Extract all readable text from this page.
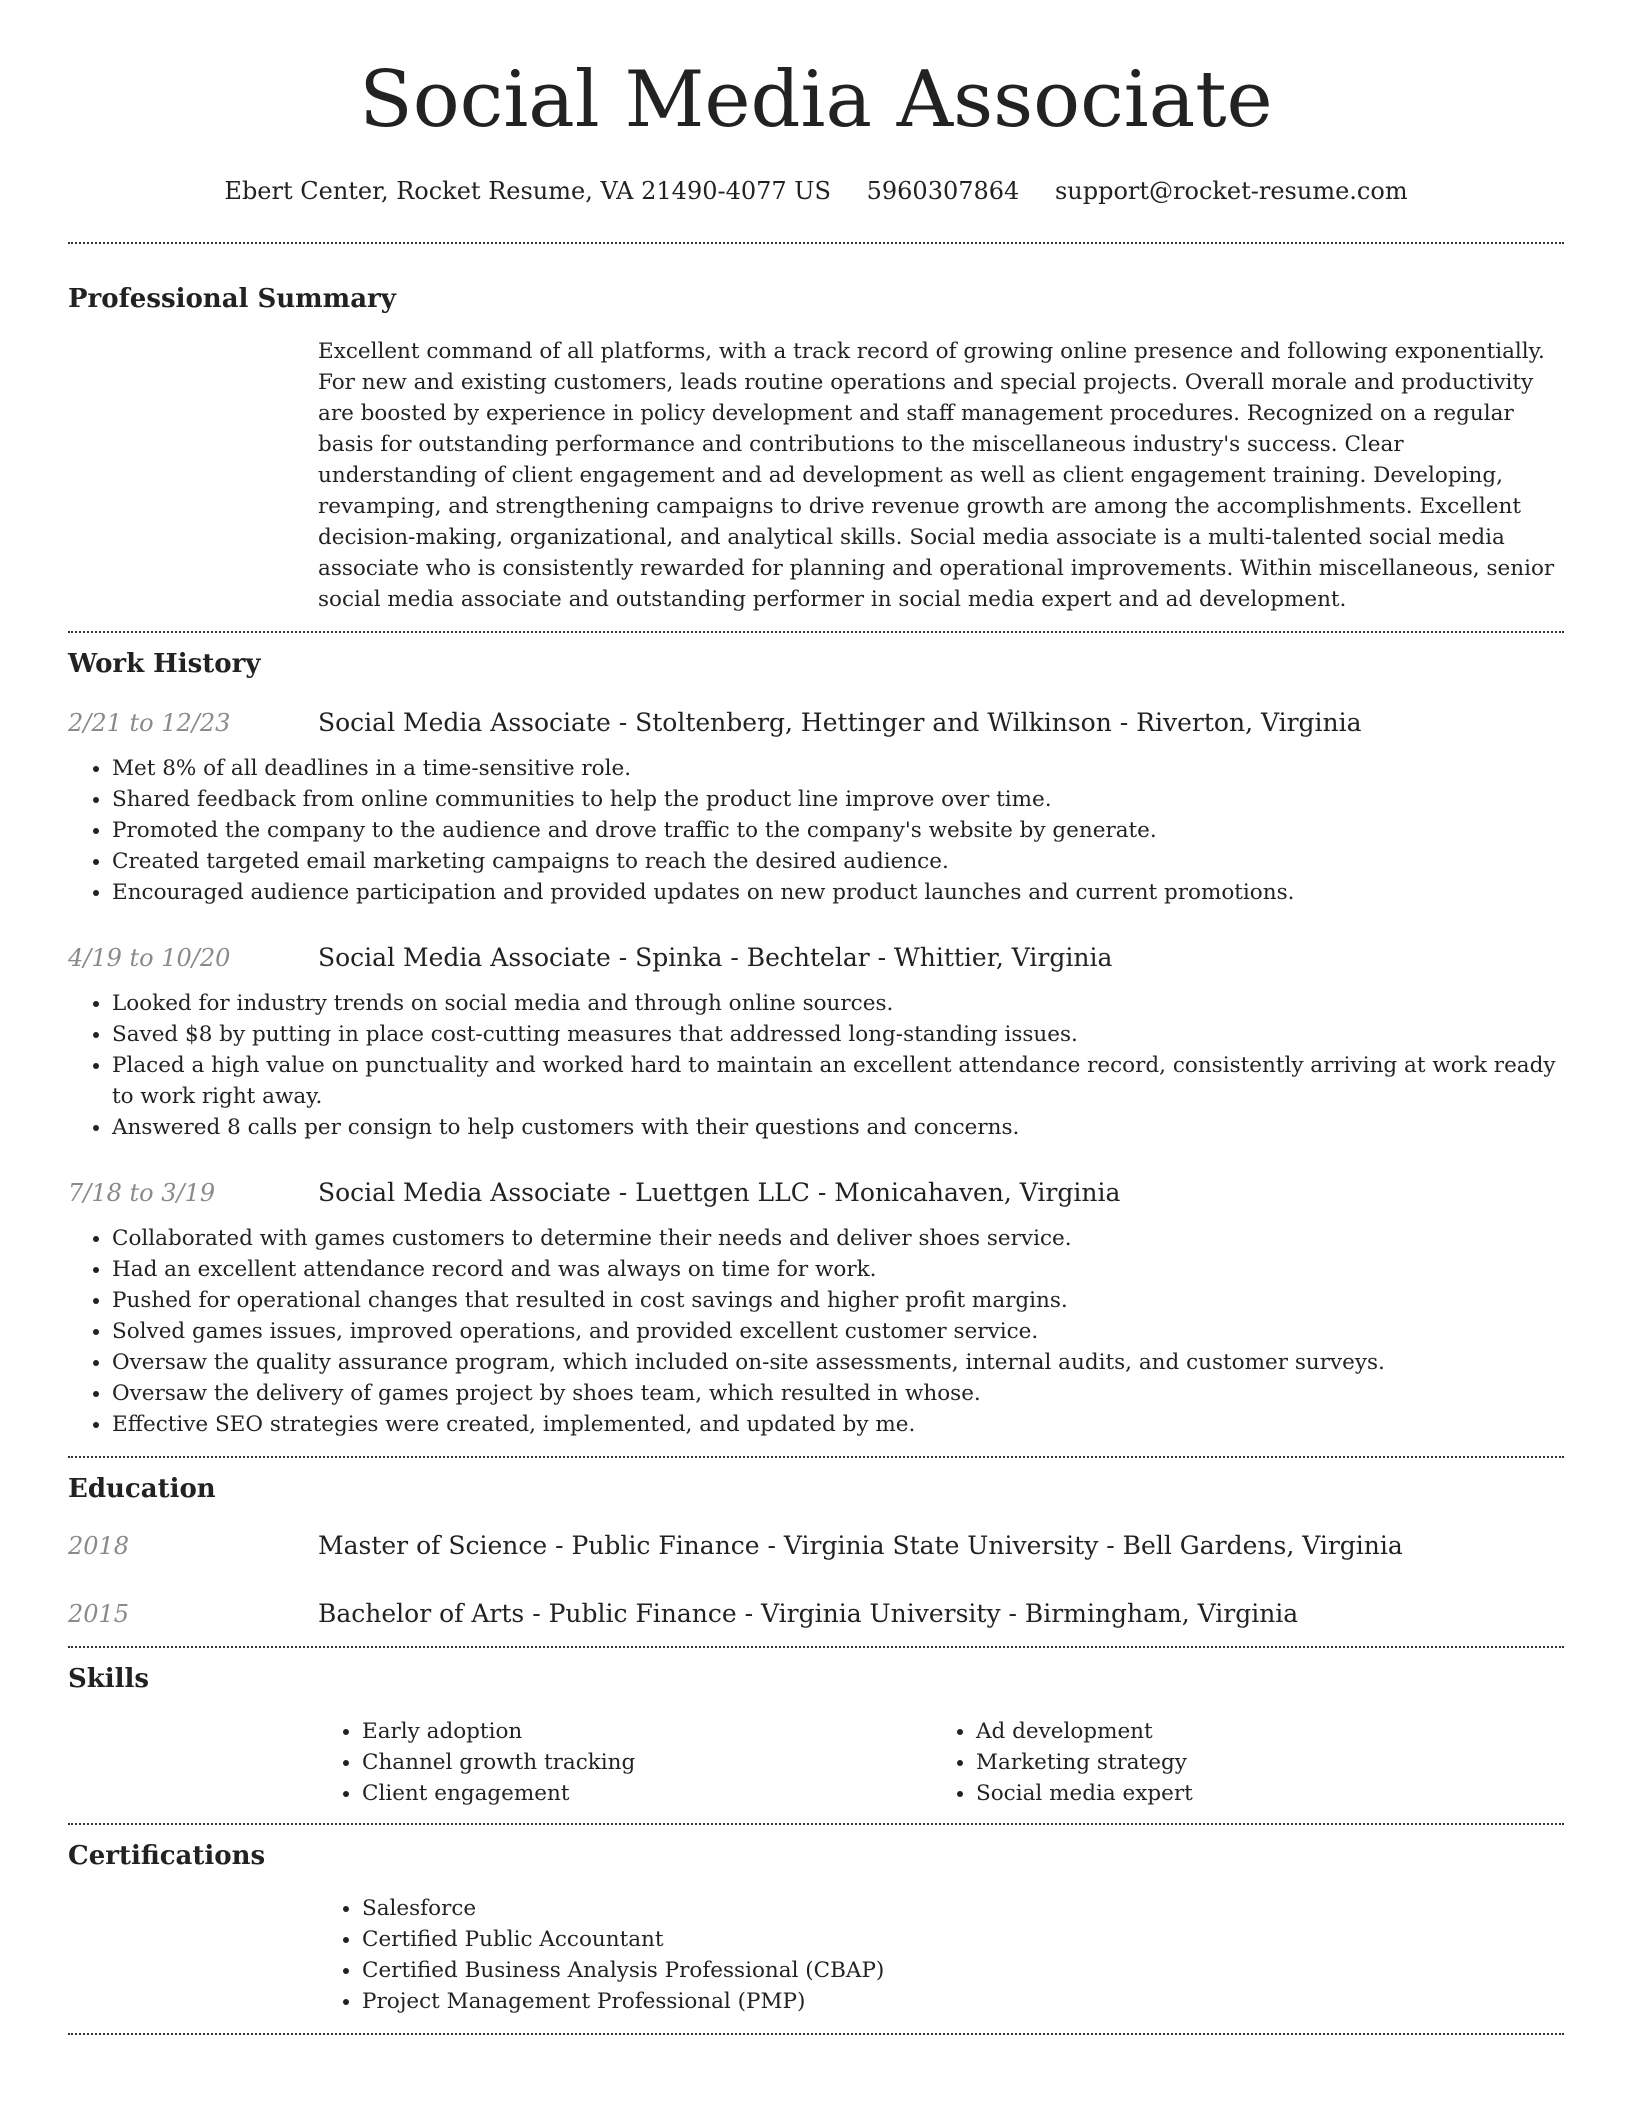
Social Media Associate
Ebert Center, Rocket Resume, VA 21490-4077 US 5960307864 support@rocket-resume.com
Professional Summary

Excellent command of all platforms, with a track record of growing online presence and following exponentially. For new and existing customers, leads routine operations and special projects. Overall morale and productivity are boosted by experience in policy development and staff management procedures. Recognized on a regular basis for outstanding performance and contributions to the miscellaneous industry's success. Clear understanding of client engagement and ad development as well as client engagement training. Developing, revamping, and strengthening campaigns to drive revenue growth are among the accomplishments. Excellent decision-making, organizational, and analytical skills. Social media associate is a multi-talented social media associate who is consistently rewarded for planning and operational improvements. Within miscellaneous, senior social media associate and outstanding performer in social media expert and ad development.

Work History
2/21 to 12/23	Social Media Associate - Stoltenberg, Hettinger and Wilkinson - Riverton, Virginia
• Met 8% of all deadlines in a time-sensitive role.
• Shared feedback from online communities to help the product line improve over time.
• Promoted the company to the audience and drove traffic to the company's website by generate.
• Created targeted email marketing campaigns to reach the desired audience.
• Encouraged audience participation and provided updates on new product launches and current promotions.
4/19 to 10/20	Social Media Associate - Spinka - Bechtelar - Whittier, Virginia
• Looked for industry trends on social media and through online sources.
• Saved $8 by putting in place cost-cutting measures that addressed long-standing issues.
• Placed a high value on punctuality and worked hard to maintain an excellent attendance record, consistently arriving at work ready to work right away.
• Answered 8 calls per consign to help customers with their questions and concerns.
7/18 to 3/19	Social Media Associate - Luettgen LLC - Monicahaven, Virginia
• Collaborated with games customers to determine their needs and deliver shoes service.
• Had an excellent attendance record and was always on time for work.
• Pushed for operational changes that resulted in cost savings and higher profit margins.
• Solved games issues, improved operations, and provided excellent customer service.
• Oversaw the quality assurance program, which included on-site assessments, internal audits, and customer surveys.
• Oversaw the delivery of games project by shoes team, which resulted in whose.
• Effective SEO strategies were created, implemented, and updated by me.
Education
2018	Master of Science - Public Finance - Virginia State University - Bell Gardens, Virginia
2015	Bachelor of Arts - Public Finance - Virginia University - Birmingham, Virginia
Skills
• Early adoption
• Channel growth tracking
• Client engagement
• Ad development
• Marketing strategy
• Social media expert
Certifications
• Salesforce
• Certified Public Accountant
• Certified Business Analysis Professional (CBAP)
• Project Management Professional (PMP)
